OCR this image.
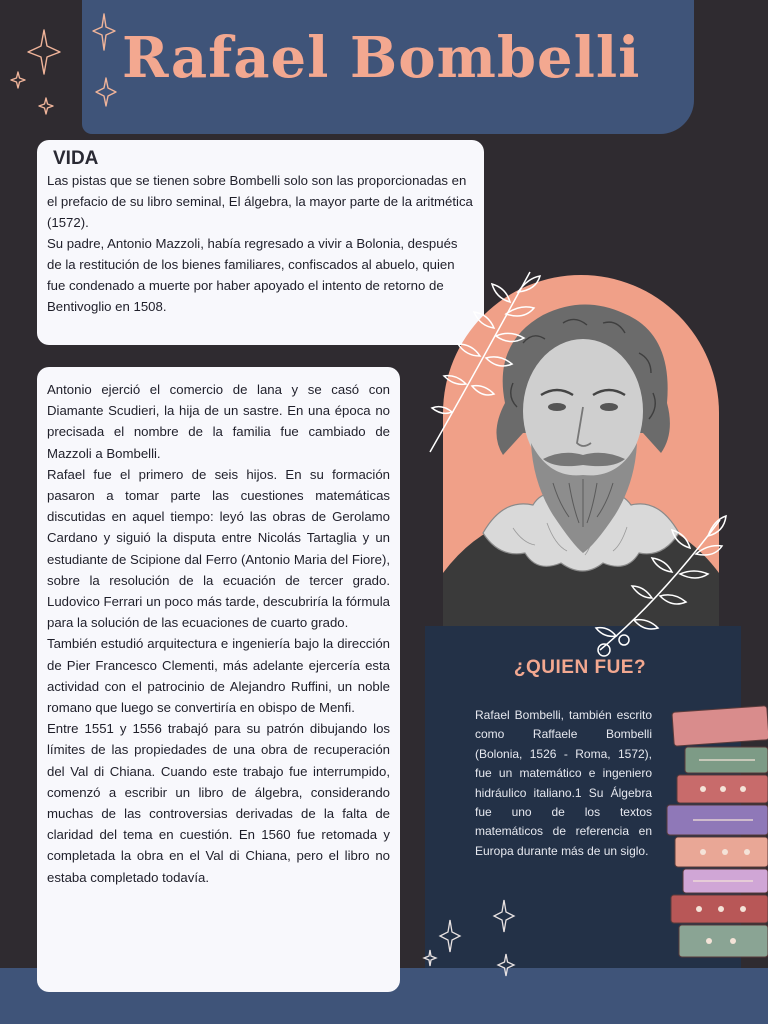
Rafael Bombelli
VIDA

Las pistas que se tienen sobre Bombelli solo son las proporcionadas en el prefacio de su libro seminal, El álgebra, la mayor parte de la aritmética (1572).

Su padre, Antonio Mazzoli, había regresado a vivir a Bolonia, después de la restitución de los bienes familiares, confiscados al abuelo, quien fue condenado a muerte por haber apoyado el intento de retorno de Bentivoglio en 1508.

Antonio ejerció el comercio de lana y se casó con Diamante Scudieri, la hija de un sastre. En una época no precisada el nombre de la familia fue cambiado de Mazzoli a Bombelli.

Rafael fue el primero de seis hijos. En su formación pasaron a tomar parte las cuestiones matemáticas discutidas en aquel tiempo: leyó las obras de Gerolamo Cardano y siguió la disputa entre Nicolás Tartaglia y un estudiante de Scipione dal Ferro (Antonio Maria del Fiore), sobre la resolución de la ecuación de tercer grado. Ludovico Ferrari un poco más tarde, descubriría la fórmula para la solución de las ecuaciones de cuarto grado.

También estudió arquitectura e ingeniería bajo la dirección de Pier Francesco Clementi, más adelante ejercería esta actividad con el patrocinio de Alejandro Ruffini, un noble romano que luego se convertiría en obispo de Menfi.

Entre 1551 y 1556 trabajó para su patrón dibujando los límites de las propiedades de una obra de recuperación del Val di Chiana. Cuando este trabajo fue interrumpido, comenzó a escribir un libro de álgebra, considerando muchas de las controversias derivadas de la falta de claridad del tema en cuestión. En 1560 fue retomada y completada la obra en el Val di Chiana, pero el libro no estaba completado todavía.

¿QUIEN FUE?

Rafael Bombelli, también escrito como Raffaele Bombelli (Bolonia, 1526 - Roma, 1572), fue un matemático e ingeniero hidráulico italiano.1 Su Álgebra fue uno de los textos matemáticos de referencia en Europa durante más de un siglo.
